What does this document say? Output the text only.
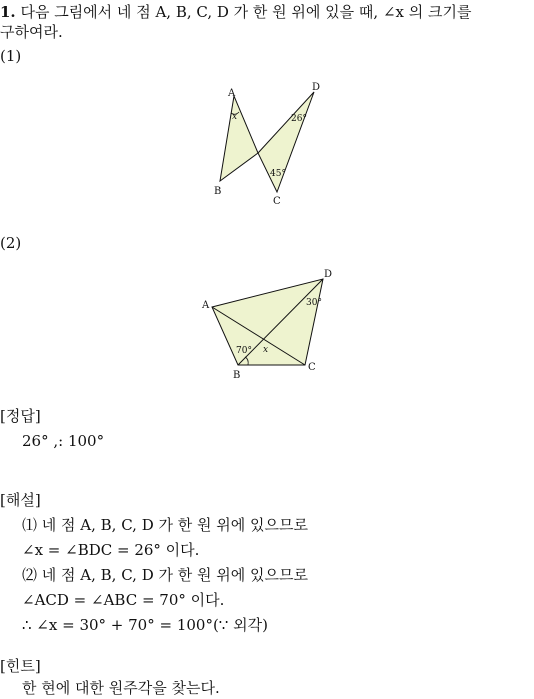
1. 다음 그림에서 네 점 A, B, C, D 가 한 원 위에 있을 때, ∠x 의 크기를
구하여라.
(1)
A
D
B
C
x	26°
45°
(2)
A
D
B
C
70° x
30°
[정답]
26° ,: 100°
[해설]
⑴ 네 점 A, B, C, D 가 한 원 위에 있으므로
∠x = ∠BDC = 26° 이다.
⑵ 네 점 A, B, C, D 가 한 원 위에 있으므로
∠ACD = ∠ABC = 70° 이다.
∴ ∠x = 30° + 70° = 100°(∵ 외각)
[힌트]
한 현에 대한 원주각을 찾는다.
